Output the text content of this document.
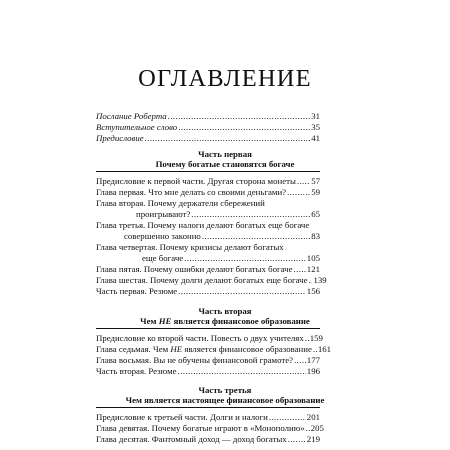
ОГЛАВЛЕНИЕ
Послание Роберта .....	31
Вступительное слово .....	35
Предисловие .....	41
Часть первая
Почему богатые становятся богаче
Предисловие к первой части. Другая сторона монеты ..... 57
Глава первая. Что мне делать со своими деньгами? .....	59
Глава вторая. Почему держатели сбережений
проигрывают? .....	65
Глава третья. Почему налоги делают богатых еще богаче
совершенно законно .....	83
Глава четвертая. Почему кризисы делают богатых
еще богаче .....	105
Глава пятая. Почему ошибки делают богатых богаче ..... 121
Глава шестая. Почему долги делают богатых еще богаче ..... 139
Часть первая. Резюме .....	156
Часть вторая
Чем НЕ является финансовое образование
Предисловие ко второй части. Повесть о двух учителях ..... 159
Глава седьмая. Чем НЕ является финансовое образование ..... 161
Глава восьмая. Вы не обучены финансовой грамоте? ..... 177
Часть вторая. Резюме .....	196
Часть третья
Чем является настоящее финансовое образование
Предисловие к третьей части. Долги и налоги .....	201
Глава девятая. Почему богатые играют в «Монополию» ..... 205
Глава десятая. Фантомный доход — доход богатых ..... 219
